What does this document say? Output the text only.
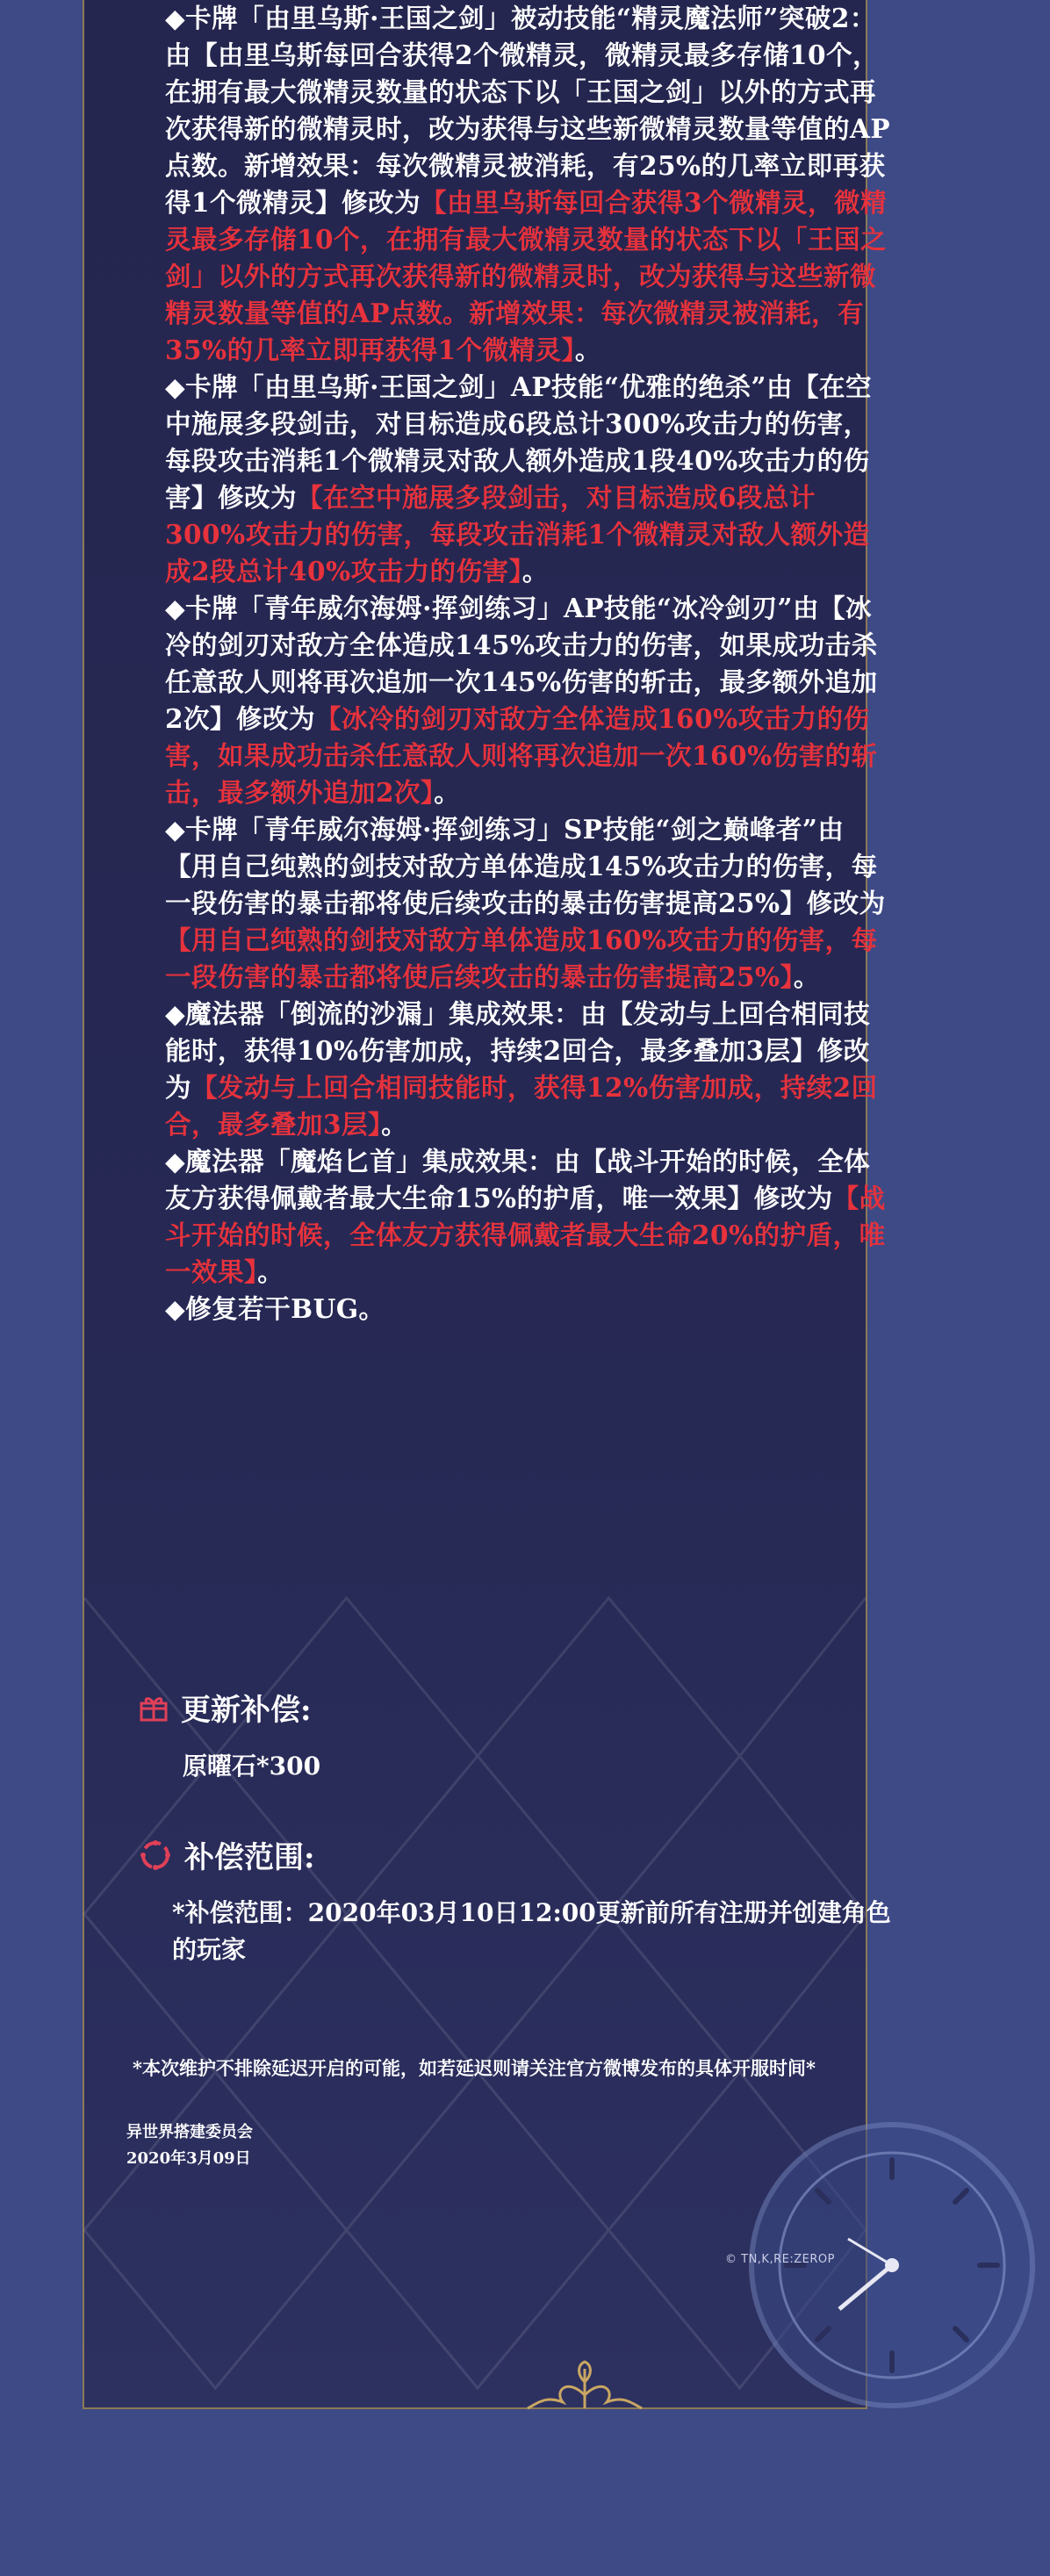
◆卡牌「由里乌斯·王国之剑」被动技能“精灵魔法师”突破2：由【由里乌斯每回合获得2个微精灵，微精灵最多存储10个，在拥有最大微精灵数量的状态下以「王国之剑」以外的方式再次获得新的微精灵时，改为获得与这些新微精灵数量等值的AP点数。新增效果：每次微精灵被消耗，有25%的几率立即再获得1个微精灵】修改为【由里乌斯每回合获得3个微精灵，微精灵最多存储10个，在拥有最大微精灵数量的状态下以「王国之剑」以外的方式再次获得新的微精灵时，改为获得与这些新微精灵数量等值的AP点数。新增效果：每次微精灵被消耗，有35%的几率立即再获得1个微精灵】。
◆卡牌「由里乌斯·王国之剑」AP技能“优雅的绝杀”由【在空中施展多段剑击，对目标造成6段总计300%攻击力的伤害，每段攻击消耗1个微精灵对敌人额外造成1段40%攻击力的伤害】修改为【在空中施展多段剑击，对目标造成6段总计300%攻击力的伤害，每段攻击消耗1个微精灵对敌人额外造成2段总计40%攻击力的伤害】。
◆卡牌「青年威尔海姆·挥剑练习」AP技能“冰冷剑刃”由【冰冷的剑刃对敌方全体造成145%攻击力的伤害，如果成功击杀任意敌人则将再次追加一次145%伤害的斩击，最多额外追加2次】修改为【冰冷的剑刃对敌方全体造成160%攻击力的伤害，如果成功击杀任意敌人则将再次追加一次160%伤害的斩击，最多额外追加2次】。
◆卡牌「青年威尔海姆·挥剑练习」SP技能“剑之巅峰者”由【用自己纯熟的剑技对敌方单体造成145%攻击力的伤害，每一段伤害的暴击都将使后续攻击的暴击伤害提高25%】修改为【用自己纯熟的剑技对敌方单体造成160%攻击力的伤害，每一段伤害的暴击都将使后续攻击的暴击伤害提高25%】。
◆魔法器「倒流的沙漏」集成效果：由【发动与上回合相同技能时，获得10%伤害加成，持续2回合，最多叠加3层】修改为【发动与上回合相同技能时，获得12%伤害加成，持续2回合，最多叠加3层】。
◆魔法器「魔焰匕首」集成效果：由【战斗开始的时候，全体友方获得佩戴者最大生命15%的护盾，唯一效果】修改为【战斗开始的时候，全体友方获得佩戴者最大生命20%的护盾，唯一效果】。
◆修复若干BUG。
更新补偿:
原曜石*300
补偿范围:
*补偿范围：2020年03月10日12:00更新前所有注册并创建角色的玩家
*本次维护不排除延迟开启的可能，如若延迟则请关注官方微博发布的具体开服时间*
异世界搭建委员会
2020年3月09日
© TN,K,RE:ZEROP
